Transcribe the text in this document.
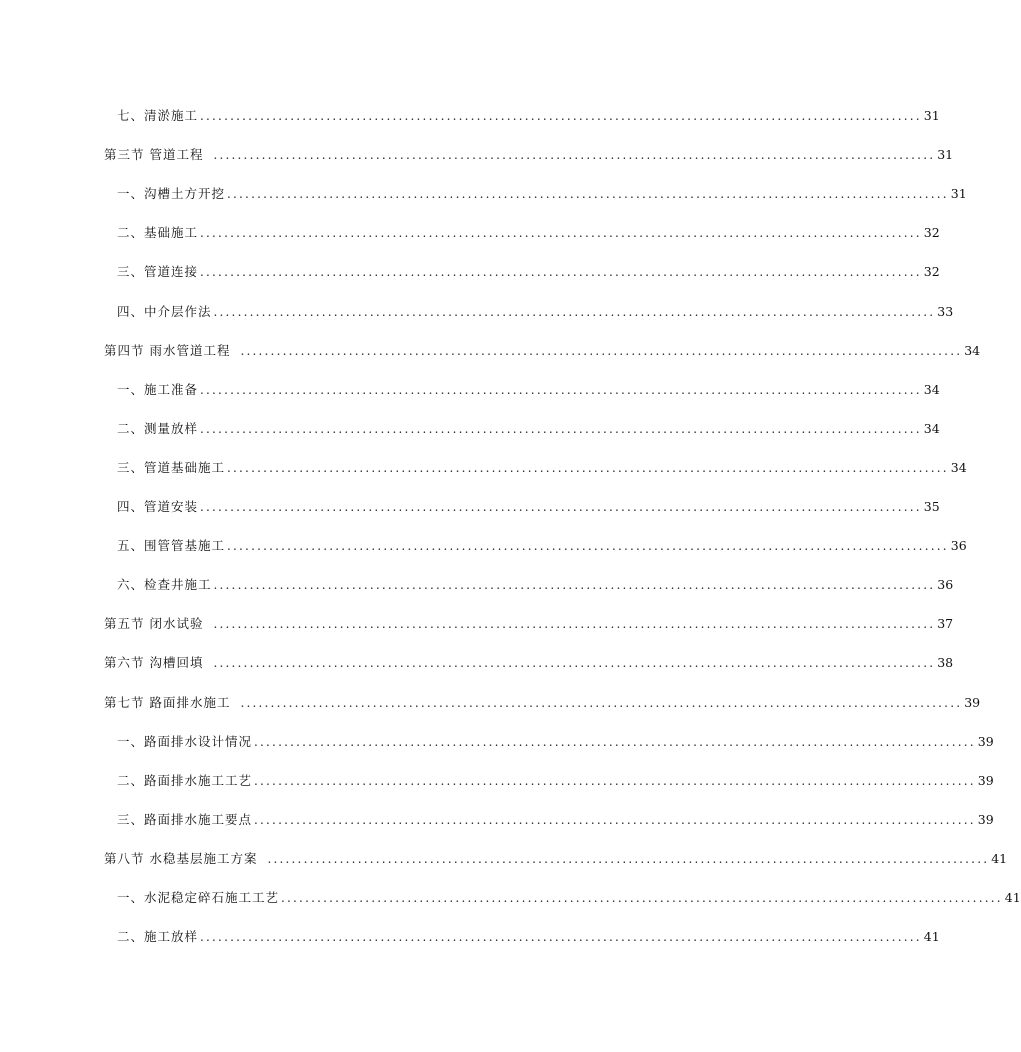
七、清淤施工 ........................................................................................................................ 31
第三节 管道工程 ........................................................................................................................ 31
一、沟槽土方开挖 ........................................................................................................................ 31
二、基础施工 ........................................................................................................................ 32
三、管道连接 ........................................................................................................................ 32
四、中介层作法 ........................................................................................................................ 33
第四节 雨水管道工程 ........................................................................................................................ 34
一、施工准备 ........................................................................................................................ 34
二、测量放样 ........................................................................................................................ 34
三、管道基础施工 ........................................................................................................................ 34
四、管道安装 ........................................................................................................................ 35
五、围管管基施工 ........................................................................................................................ 36
六、检查井施工 ........................................................................................................................ 36
第五节 闭水试验 ........................................................................................................................ 37
第六节 沟槽回填 ........................................................................................................................ 38
第七节 路面排水施工 ........................................................................................................................ 39
一、路面排水设计情况 ........................................................................................................................ 39
二、路面排水施工工艺 ........................................................................................................................ 39
三、路面排水施工要点 ........................................................................................................................ 39
第八节 水稳基层施工方案 ........................................................................................................................ 41
一、水泥稳定碎石施工工艺 ........................................................................................................................ 41
二、施工放样 ........................................................................................................................ 41
